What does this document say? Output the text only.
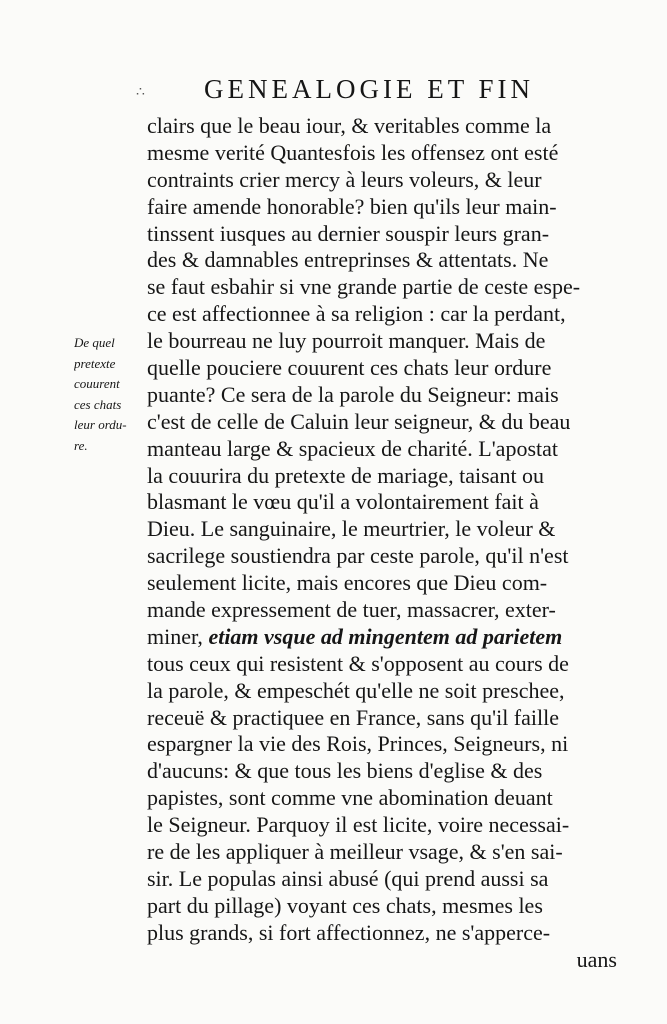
∴ GENEALOGIE ET FIN
De quel
pretexte
couurent
ces chats
leur ordu-
re.
clairs que le beau iour, & veritables comme la
mesme verité Quantesfois les offensez ont esté
contraints crier mercy à leurs voleurs, & leur
faire amende honorable? bien qu'ils leur main-
tinssent iusques au dernier souspir leurs gran-
des & damnables entreprinses & attentats. Ne
se faut esbahir si vne grande partie de ceste espe-
ce est affectionnee à sa religion : car la perdant,
le bourreau ne luy pourroit manquer. Mais de
quelle pouciere couurent ces chats leur ordure
puante? Ce sera de la parole du Seigneur: mais
c'est de celle de Caluin leur seigneur, & du beau
manteau large & spacieux de charité. L'apostat
la couurira du pretexte de mariage, taisant ou
blasmant le vœu qu'il a volontairement fait à
Dieu. Le sanguinaire, le meurtrier, le voleur &
sacrilege soustiendra par ceste parole, qu'il n'est
seulement licite, mais encores que Dieu com-
mande expressement de tuer, massacrer, exter-
miner, etiam vsque ad mingentem ad parietem
tous ceux qui resistent & s'opposent au cours de
la parole, & empeschét qu'elle ne soit preschee,
receuë & practiquee en France, sans qu'il faille
espargner la vie des Rois, Princes, Seigneurs, ni
d'aucuns: & que tous les biens d'eglise & des
papistes, sont comme vne abomination deuant
le Seigneur. Parquoy il est licite, voire necessai-
re de les appliquer à meilleur vsage, & s'en sai-
sir. Le populas ainsi abusé (qui prend aussi sa
part du pillage) voyant ces chats, mesmes les
plus grands, si fort affectionnez, ne s'apperce-
uans
